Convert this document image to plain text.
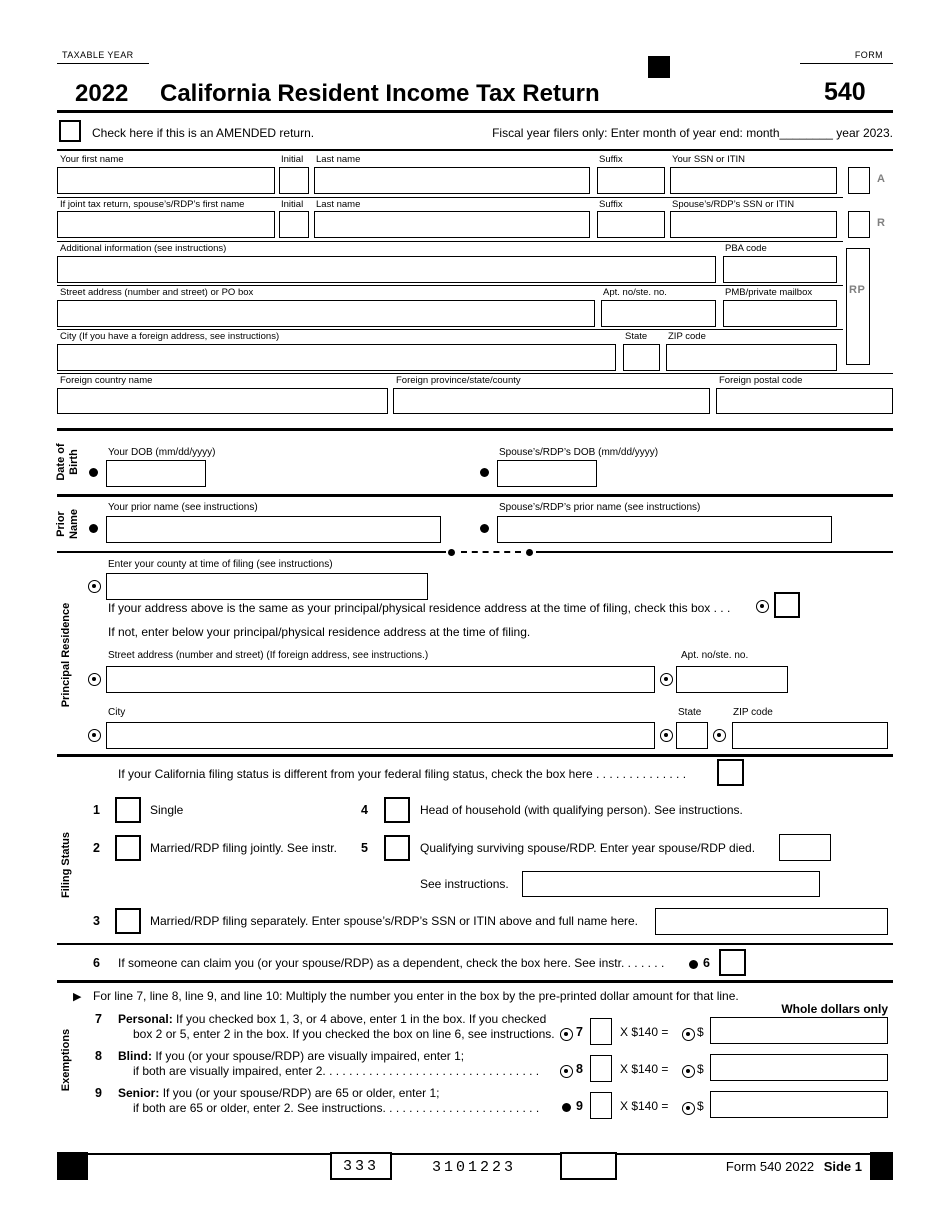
TAXABLE YEAR	FORM
2022 California Resident Income Tax Return	540
Check here if this is an AMENDED return.	Fiscal year filers only: Enter month of year end: month________ year 2023.
Your first name	Initial Last name	Suffix	Your SSN or ITIN
A
If joint tax return, spouse’s/RDP’s first name	Initial Last name	Suffix	Spouse’s/RDP’s SSN or ITIN
R
Additional information (see instructions)	PBA code
RP
Street address (number and street) or PO box	Apt. no/ste. no.	PMB/private mailbox
City (If you have a foreign address, see instructions)	State ZIP code
Foreign country name	Foreign province/state/county	Foreign postal code
Date of Birth	Your DOB (mm/dd/yyyy)	Spouse’s/RDP’s DOB (mm/dd/yyyy)
Prior Name
Your prior name (see instructions)	Spouse’s/RDP’s prior name (see instructions)
Principal Residence
Enter your county at time of filing (see instructions)
If your address above is the same as your principal/physical residence address at the time of filing, check this box . . .
If not, enter below your principal/physical residence address at the time of filing.
Street address (number and street) (If foreign address, see instructions.)	Apt. no/ste. no.
City	State	ZIP code
Filing Status
If your California filing status is different from your federal filing status, check the box here . . . . . . . . . . . . . .
1	Single	4	Head of household (with qualifying person). See instructions.
2	Married/RDP filing jointly. See instr. 5	Qualifying surviving spouse/RDP. Enter year spouse/RDP died.
See instructions.
3	Married/RDP filing separately. Enter spouse’s/RDP’s SSN or ITIN above and full name here.
6 If someone can claim you (or your spouse/RDP) as a dependent, check the box here. See instr. . . . . . .	6
Exemptions
▶ For line 7, line 8, line 9, and line 10: Multiply the number you enter in the box by the pre-printed dollar amount for that line.
Whole dollars only
7 Personal: If you checked box 1, 3, or 4 above, enter 1 in the box. If you checked
box 2 or 5, enter 2 in the box. If you checked the box on line 6, see instructions. 7	X $140 = $
8 Blind: If you (or your spouse/RDP) are visually impaired, enter 1;
if both are visually impaired, enter 2. . . . . . . . . . . . . . . . . . . . . . . . . . . . . . . . .	8	X $140 = $
9 Senior: If you (or your spouse/RDP) are 65 or older, enter 1;
if both are 65 or older, enter 2. See instructions. . . . . . . . . . . . . . . . . . . . . . . .	9	X $140 = $
333	3101223	Form 540 2022 Side 1
